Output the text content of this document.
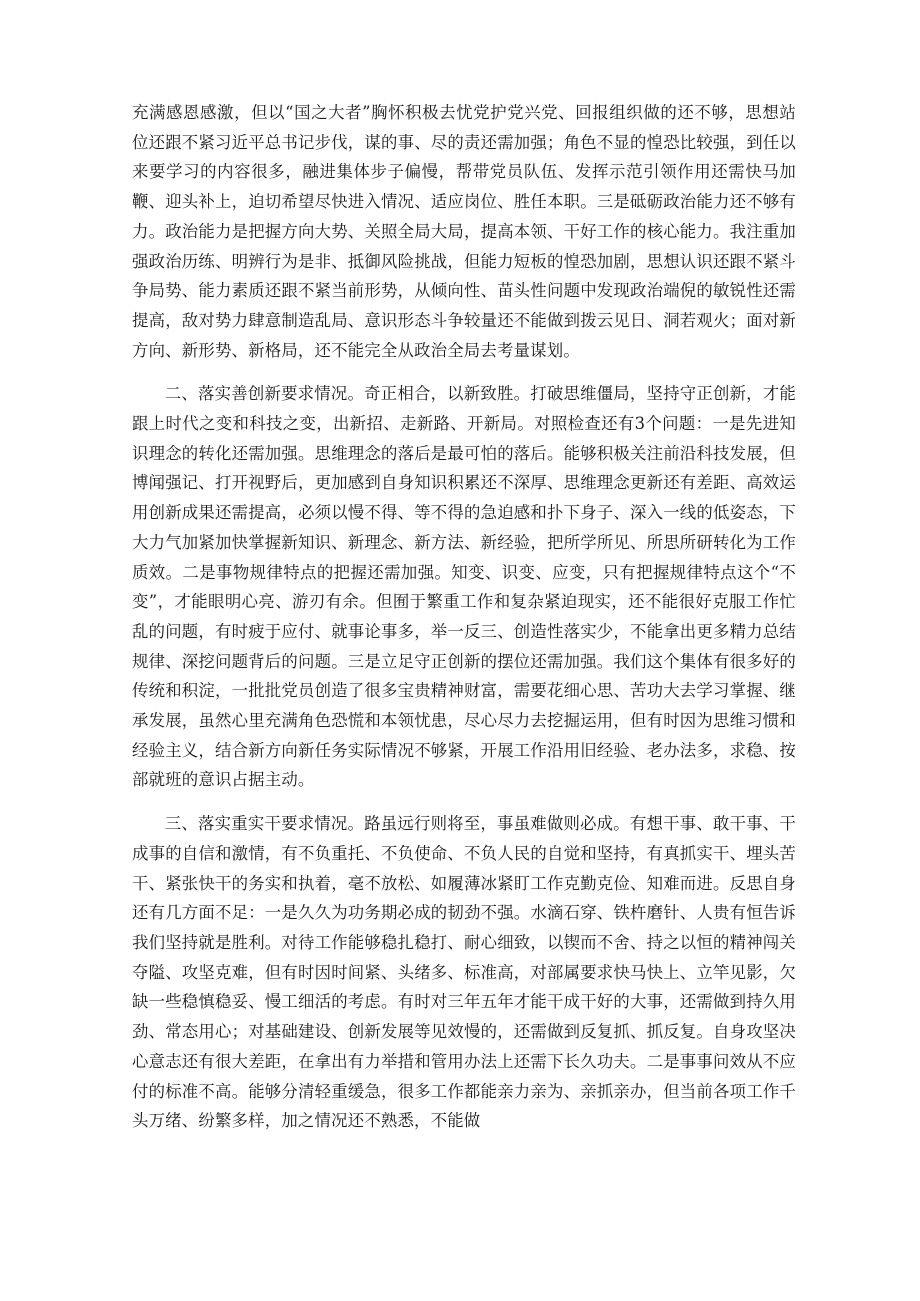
充满感恩感激，但以“国之大者”胸怀积极去忧党护党兴党、回报组织做的还不够，思想站位还跟不紧习近平总书记步伐，谋的事、尽的责还需加强；角色不显的惶恐比较强，到任以来要学习的内容很多，融进集体步子偏慢，帮带党员队伍、发挥示范引领作用还需快马加鞭、迎头补上，迫切希望尽快进入情况、适应岗位、胜任本职。三是砥砺政治能力还不够有力。政治能力是把握方向大势、关照全局大局，提高本领、干好工作的核心能力。我注重加强政治历练、明辨行为是非、抵御风险挑战，但能力短板的惶恐加剧，思想认识还跟不紧斗争局势、能力素质还跟不紧当前形势，从倾向性、苗头性问题中发现政治端倪的敏锐性还需提高，敌对势力肆意制造乱局、意识形态斗争较量还不能做到拨云见日、洞若观火；面对新方向、新形势、新格局，还不能完全从政治全局去考量谋划。

二、落实善创新要求情况。奇正相合，以新致胜。打破思维僵局，坚持守正创新，才能跟上时代之变和科技之变，出新招、走新路、开新局。对照检查还有3个问题：一是先进知识理念的转化还需加强。思维理念的落后是最可怕的落后。能够积极关注前沿科技发展，但博闻强记、打开视野后，更加感到自身知识积累还不深厚、思维理念更新还有差距、高效运用创新成果还需提高，必须以慢不得、等不得的急迫感和扑下身子、深入一线的低姿态，下大力气加紧加快掌握新知识、新理念、新方法、新经验，把所学所见、所思所研转化为工作质效。二是事物规律特点的把握还需加强。知变、识变、应变，只有把握规律特点这个“不变”，才能眼明心亮、游刃有余。但囿于繁重工作和复杂紧迫现实，还不能很好克服工作忙乱的问题，有时疲于应付、就事论事多，举一反三、创造性落实少，不能拿出更多精力总结规律、深挖问题背后的问题。三是立足守正创新的摆位还需加强。我们这个集体有很多好的传统和积淀，一批批党员创造了很多宝贵精神财富，需要花细心思、苦功大去学习掌握、继承发展，虽然心里充满角色恐慌和本领忧患，尽心尽力去挖掘运用，但有时因为思维习惯和经验主义，结合新方向新任务实际情况不够紧，开展工作沿用旧经验、老办法多，求稳、按部就班的意识占据主动。

三、落实重实干要求情况。路虽远行则将至，事虽难做则必成。有想干事、敢干事、干成事的自信和激情，有不负重托、不负使命、不负人民的自觉和坚持，有真抓实干、埋头苦干、紧张快干的务实和执着，毫不放松、如履薄冰紧盯工作克勤克俭、知难而进。反思自身还有几方面不足：一是久久为功务期必成的韧劲不强。水滴石穿、铁杵磨针、人贵有恒告诉我们坚持就是胜利。对待工作能够稳扎稳打、耐心细致，以锲而不舍、持之以恒的精神闯关夺隘、攻坚克难，但有时因时间紧、头绪多、标准高，对部属要求快马快上、立竿见影，欠缺一些稳慎稳妥、慢工细活的考虑。有时对三年五年才能干成干好的大事，还需做到持久用劲、常态用心；对基础建设、创新发展等见效慢的，还需做到反复抓、抓反复。自身攻坚决心意志还有很大差距，在拿出有力举措和管用办法上还需下长久功夫。二是事事问效从不应付的标准不高。能够分清轻重缓急，很多工作都能亲力亲为、亲抓亲办，但当前各项工作千头万绪、纷繁多样，加之情况还不熟悉，不能做
